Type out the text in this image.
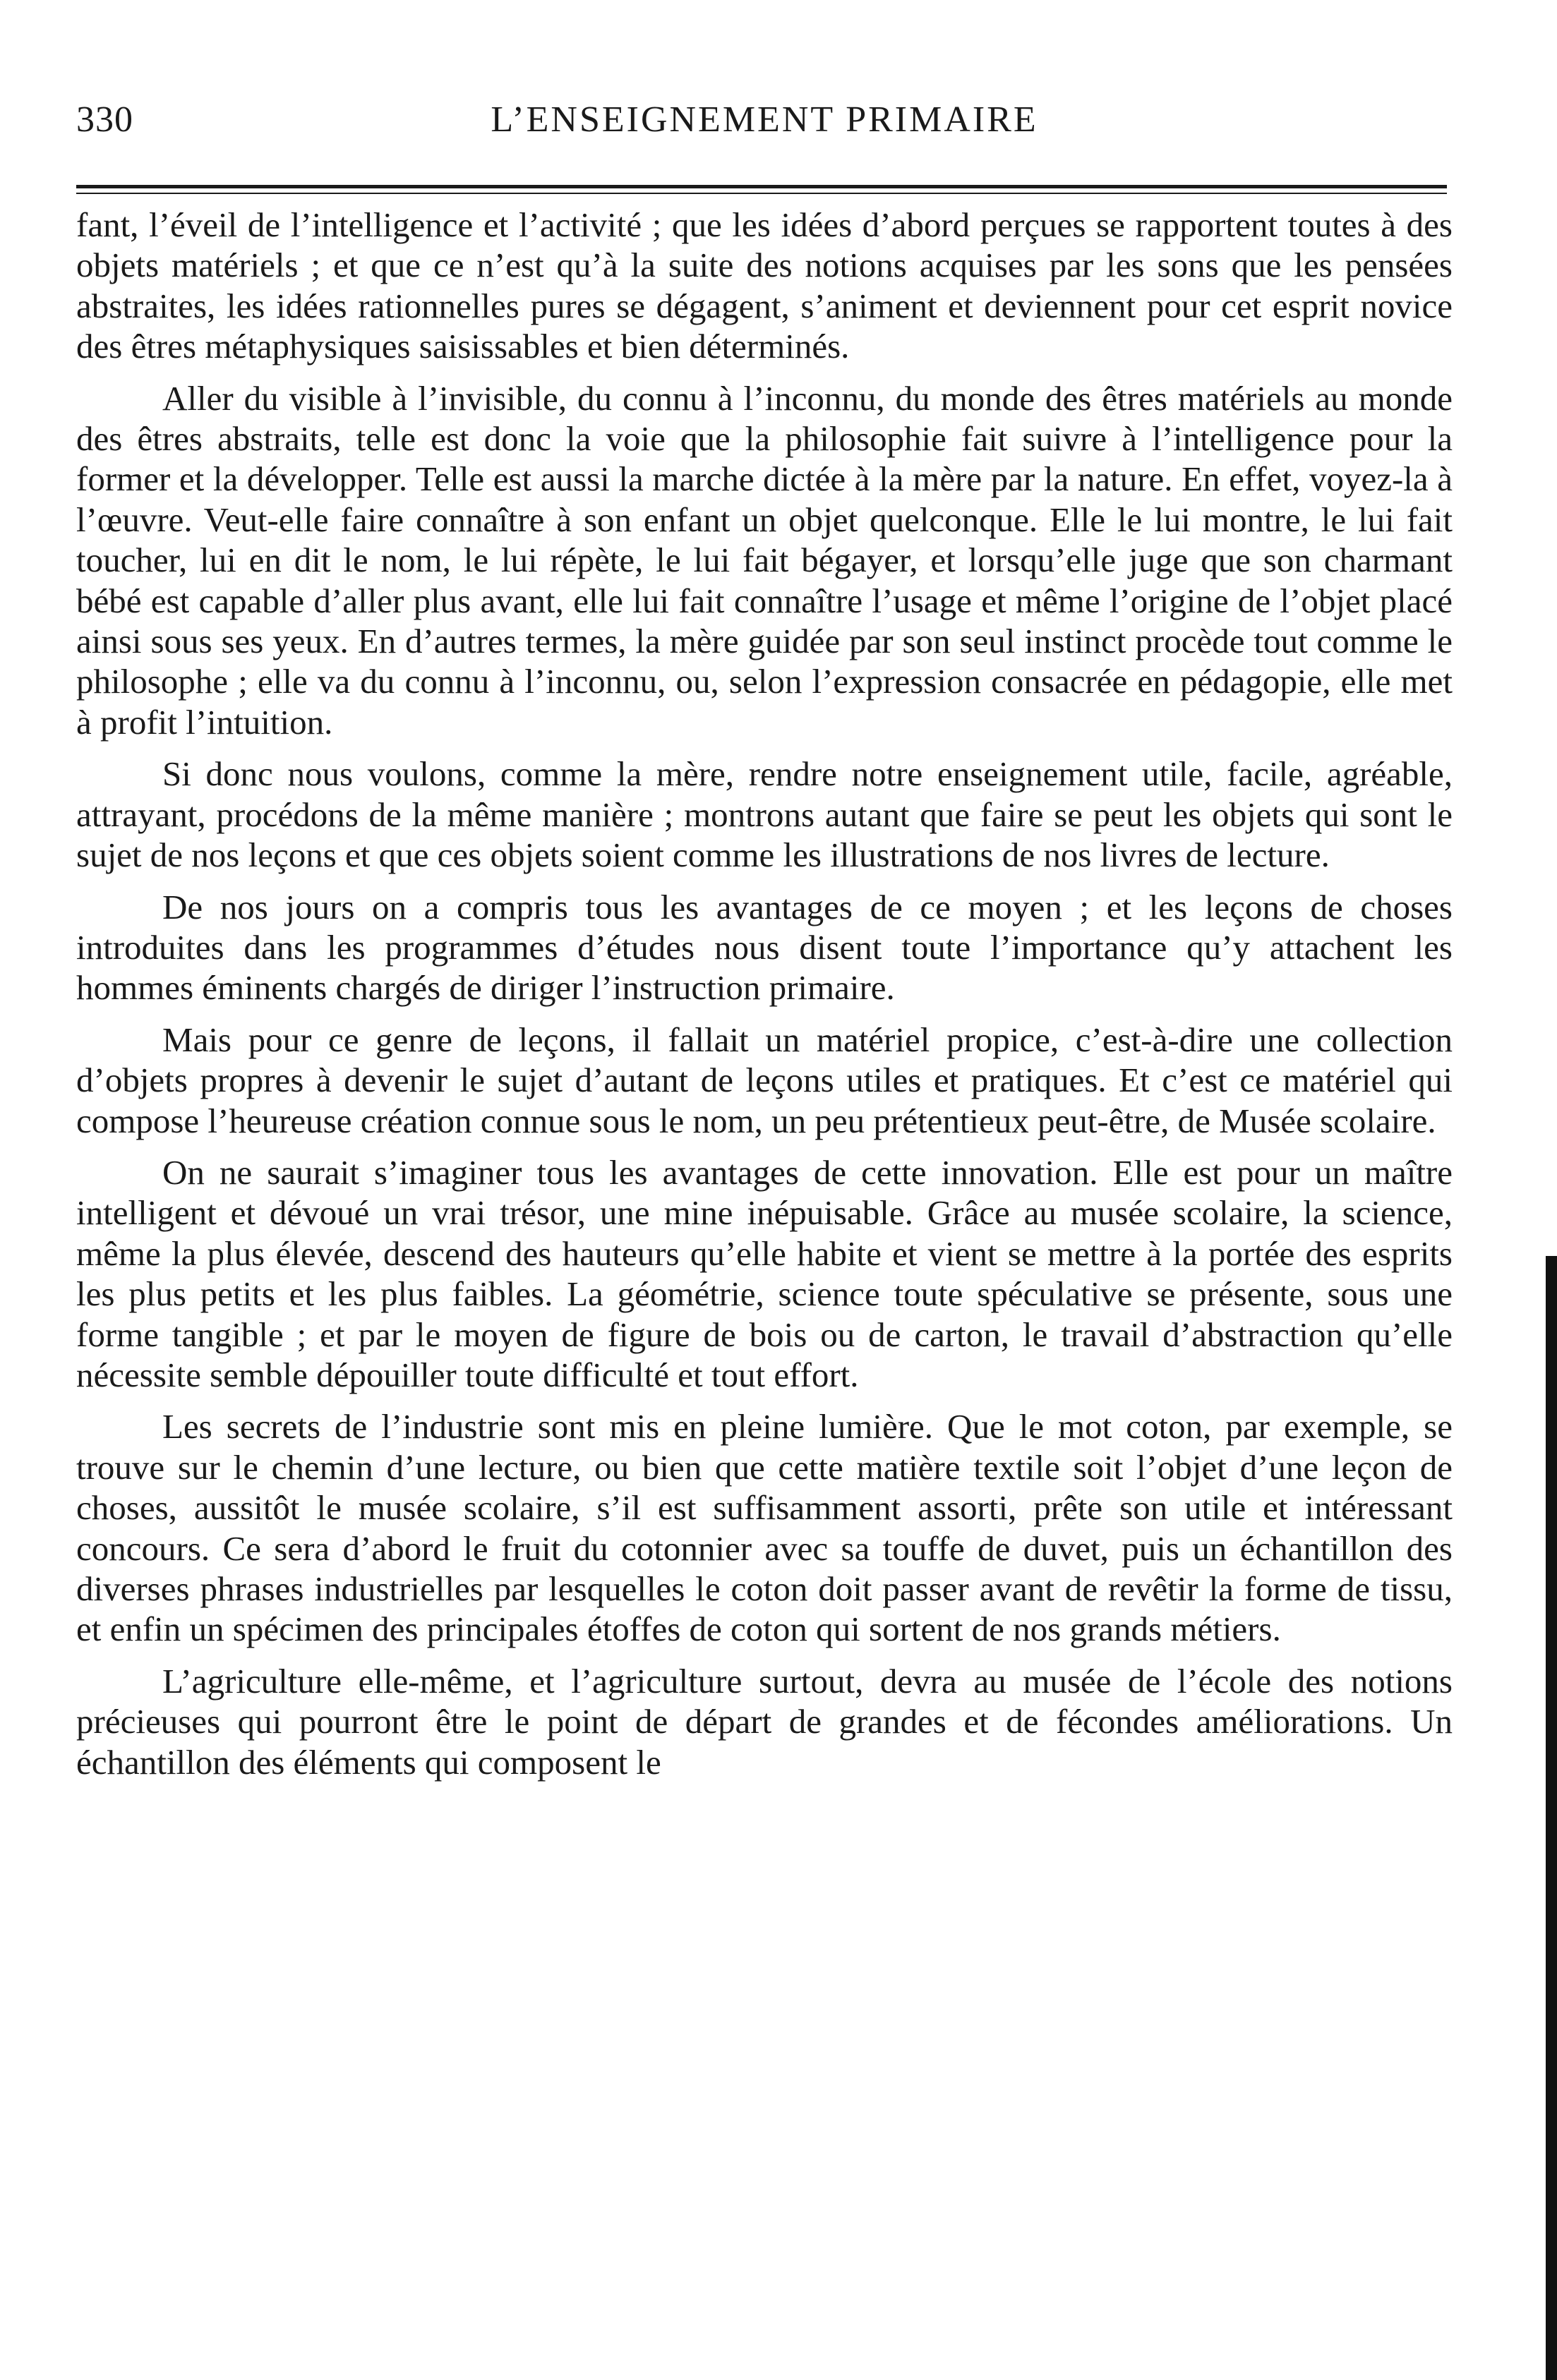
330	L’ENSEIGNEMENT PRIMAIRE

fant, l’éveil de l’intelligence et l’activité ; que les idées d’abord perçues se rapportent toutes à des objets matériels ; et que ce n’est qu’à la suite des notions acquises par les sons que les pensées abstraites, les idées rationnelles pures se dégagent, s’animent et deviennent pour cet esprit novice des êtres métaphysiques saisissables et bien déterminés.

Aller du visible à l’invisible, du connu à l’inconnu, du monde des êtres matériels au monde des êtres abstraits, telle est donc la voie que la philosophie fait suivre à l’intelligence pour la former et la développer. Telle est aussi la marche dictée à la mère par la nature. En effet, voyez-la à l’œuvre. Veut-elle faire connaître à son enfant un objet quelconque. Elle le lui montre, le lui fait toucher, lui en dit le nom, le lui répète, le lui fait bégayer, et lorsqu’elle juge que son charmant bébé est capable d’aller plus avant, elle lui fait connaître l’usage et même l’origine de l’objet placé ainsi sous ses yeux. En d’autres termes, la mère guidée par son seul instinct procède tout comme le philosophe ; elle va du connu à l’inconnu, ou, selon l’expression consacrée en pédagopie, elle met à profit l’intuition.

Si donc nous voulons, comme la mère, rendre notre enseignement utile, facile, agréable, attrayant, procédons de la même manière ; montrons autant que faire se peut les objets qui sont le sujet de nos leçons et que ces objets soient comme les illustrations de nos livres de lecture.

De nos jours on a compris tous les avantages de ce moyen ; et les leçons de choses introduites dans les programmes d’études nous disent toute l’importance qu’y attachent les hommes éminents chargés de diriger l’instruction primaire.

Mais pour ce genre de leçons, il fallait un matériel propice, c’est-à-dire une collection d’objets propres à devenir le sujet d’autant de leçons utiles et pratiques. Et c’est ce matériel qui compose l’heureuse création connue sous le nom, un peu prétentieux peut-être, de Musée scolaire.

On ne saurait s’imaginer tous les avantages de cette innovation. Elle est pour un maître intelligent et dévoué un vrai trésor, une mine inépuisable. Grâce au musée scolaire, la science, même la plus élevée, descend des hauteurs qu’elle habite et vient se mettre à la portée des esprits les plus petits et les plus faibles. La géométrie, science toute spéculative se présente, sous une forme tangible ; et par le moyen de figure de bois ou de carton, le travail d’abstraction qu’elle nécessite semble dépouiller toute difficulté et tout effort.

Les secrets de l’industrie sont mis en pleine lumière. Que le mot coton, par exemple, se trouve sur le chemin d’une lecture, ou bien que cette matière textile soit l’objet d’une leçon de choses, aussitôt le musée scolaire, s’il est suffisamment assorti, prête son utile et intéressant concours. Ce sera d’abord le fruit du cotonnier avec sa touffe de duvet, puis un échantillon des diverses phrases industrielles par lesquelles le coton doit passer avant de revêtir la forme de tissu, et enfin un spécimen des principales étoffes de coton qui sortent de nos grands métiers.

L’agriculture elle-même, et l’agriculture surtout, devra au musée de l’école des notions précieuses qui pourront être le point de départ de grandes et de fécondes améliorations. Un échantillon des éléments qui composent le
